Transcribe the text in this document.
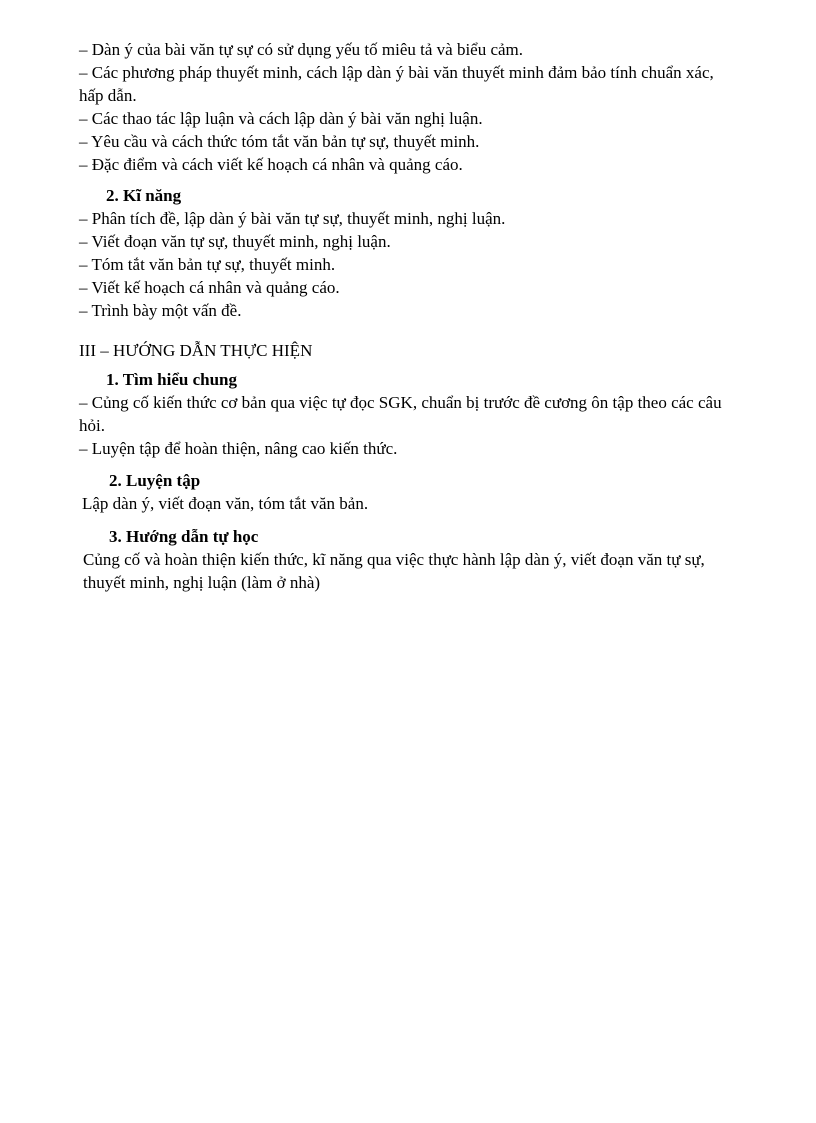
– Dàn ý của bài văn tự sự có sử dụng yếu tố miêu tả và biểu cảm.
– Các phương pháp thuyết minh, cách lập dàn ý bài văn thuyết minh đảm bảo tính chuẩn xác, hấp dẫn.
– Các thao tác lập luận và cách lập dàn ý bài văn nghị luận.
– Yêu cầu và cách thức tóm tắt văn bản tự sự, thuyết minh.
– Đặc điểm và cách viết kế hoạch cá nhân và quảng cáo.
2. Kĩ năng
– Phân tích đề, lập dàn ý bài văn tự sự, thuyết minh, nghị luận.
– Viết đoạn văn tự sự, thuyết minh, nghị luận.
– Tóm tắt văn bản tự sự, thuyết minh.
– Viết kế hoạch cá nhân và quảng cáo.
– Trình bày một vấn đề.
III – HƯỚNG DẪN THỰC HIỆN
1. Tìm hiểu chung
– Củng cố kiến thức cơ bản qua việc tự đọc SGK, chuẩn bị trước đề cương ôn tập theo các câu hỏi.
– Luyện tập để hoàn thiện, nâng cao kiến thức.
2. Luyện tập
Lập dàn ý, viết đoạn văn, tóm tắt văn bản.
3. Hướng dẫn tự học
Củng cố và hoàn thiện kiến thức, kĩ năng qua việc thực hành lập dàn ý, viết đoạn văn tự sự, thuyết minh, nghị luận (làm ở nhà)
